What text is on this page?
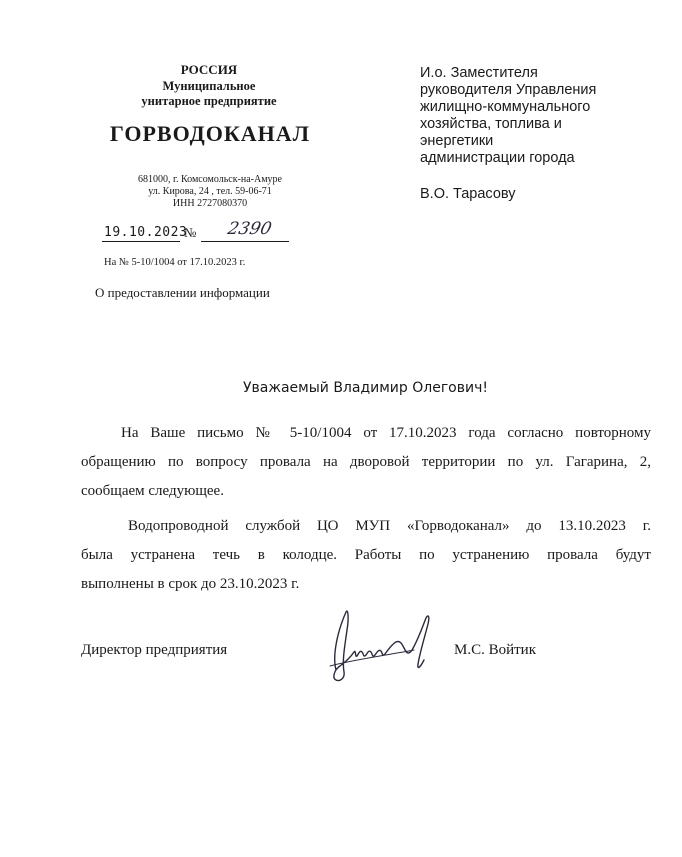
РОССИЯ
Муниципальное
унитарное предприятие
ГОРВОДОКАНАЛ
681000, г. Комсомольск-на-Амуре
ул. Кирова, 24 , тел. 59-06-71
ИНН 2727080370
19.10.2023
№ 2390
На № 5-10/1004 от 17.10.2023 г.
О предоставлении информации
И.о. Заместителя
руководителя Управления
жилищно-коммунального
хозяйства, топлива и
энергетики
администрации города
В.О. Тарасову
Уважаемый Владимир Олегович!
На Ваше письмо № 5-10/1004 от 17.10.2023 года согласно повторному
обращению по вопросу провала на дворовой территории по ул. Гагарина, 2,
сообщаем следующее.
Водопроводной службой ЦО МУП «Горводоканал» до 13.10.2023 г.
была устранена течь в колодце. Работы по устранению провала будут
выполнены в срок до 23.10.2023 г.
Директор предприятия	М.С. Войтик
